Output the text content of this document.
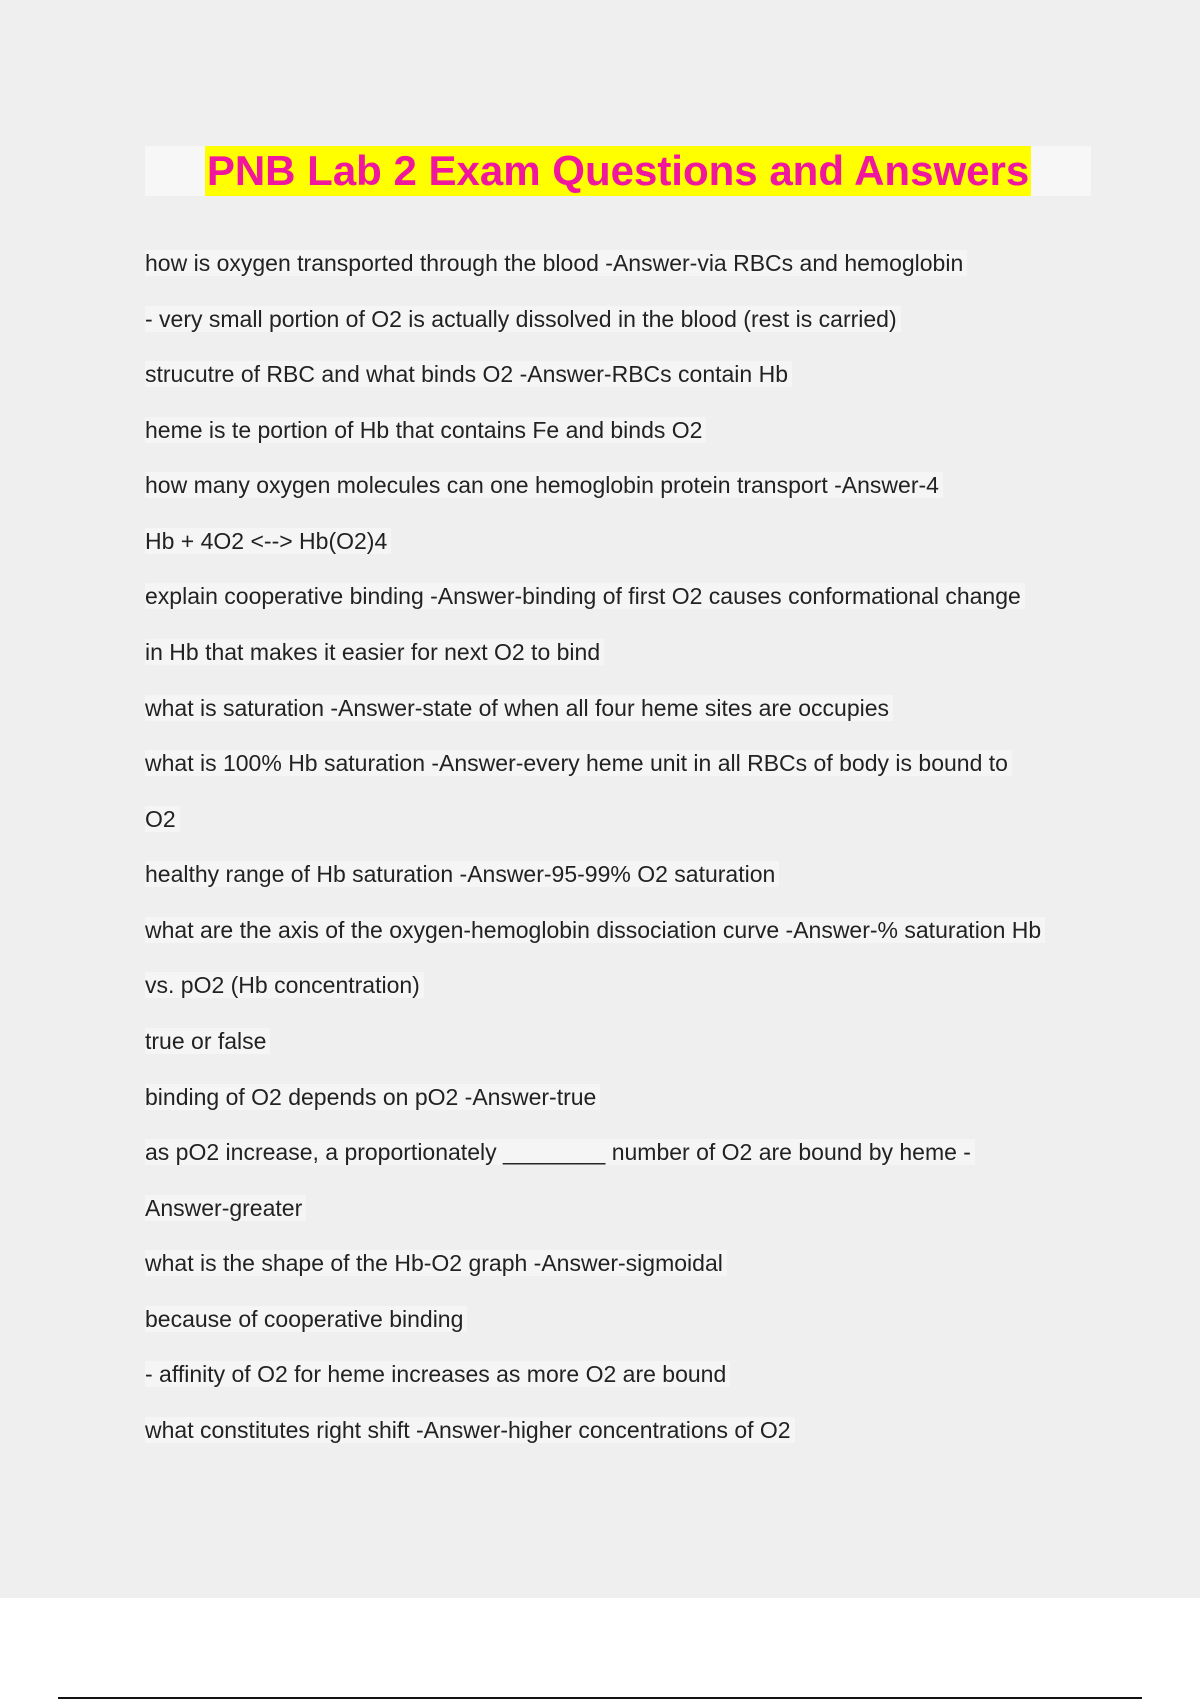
PNB Lab 2 Exam Questions and Answers
how is oxygen transported through the blood -Answer-via RBCs and hemoglobin
- very small portion of O2 is actually dissolved in the blood (rest is carried)
strucutre of RBC and what binds O2 -Answer-RBCs contain Hb
heme is te portion of Hb that contains Fe and binds O2
how many oxygen molecules can one hemoglobin protein transport -Answer-4
Hb + 4O2 <--> Hb(O2)4
explain cooperative binding -Answer-binding of first O2 causes conformational change
in Hb that makes it easier for next O2 to bind
what is saturation -Answer-state of when all four heme sites are occupies
what is 100% Hb saturation -Answer-every heme unit in all RBCs of body is bound to
O2
healthy range of Hb saturation -Answer-95-99% O2 saturation
what are the axis of the oxygen-hemoglobin dissociation curve -Answer-% saturation Hb
vs. pO2 (Hb concentration)
true or false
binding of O2 depends on pO2 -Answer-true
as pO2 increase, a proportionately ________ number of O2 are bound by heme -
Answer-greater
what is the shape of the Hb-O2 graph -Answer-sigmoidal
because of cooperative binding
- affinity of O2 for heme increases as more O2 are bound
what constitutes right shift -Answer-higher concentrations of O2
